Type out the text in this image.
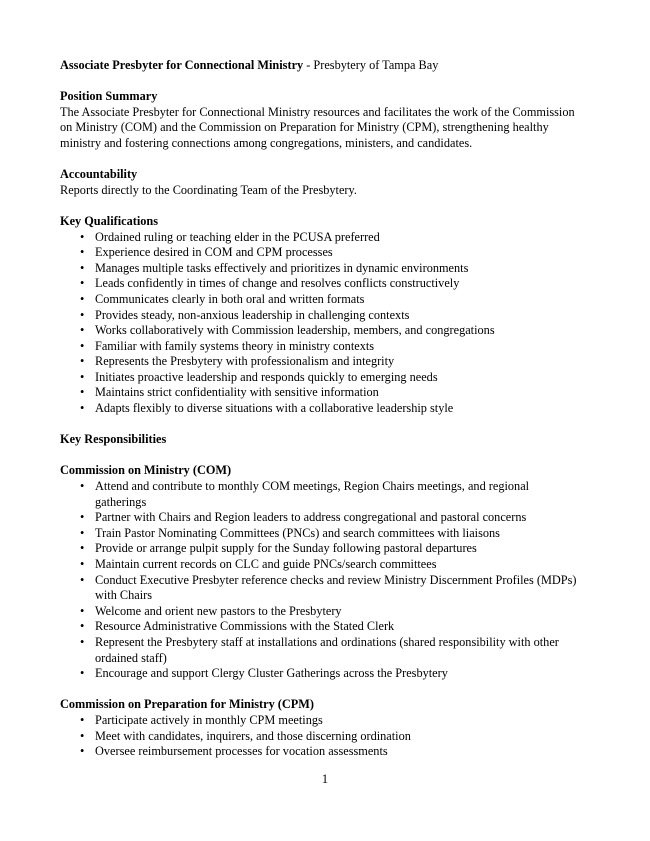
Associate Presbyter for Connectional Ministry - Presbytery of Tampa Bay

Position Summary

The Associate Presbyter for Connectional Ministry resources and facilitates the work of the Commission on Ministry (COM) and the Commission on Preparation for Ministry (CPM), strengthening healthy ministry and fostering connections among congregations, ministers, and candidates.

Accountability

Reports directly to the Coordinating Team of the Presbytery.

Key Qualifications
• Ordained ruling or teaching elder in the PCUSA preferred
• Experience desired in COM and CPM processes
• Manages multiple tasks effectively and prioritizes in dynamic environments
• Leads confidently in times of change and resolves conflicts constructively
• Communicates clearly in both oral and written formats
• Provides steady, non-anxious leadership in challenging contexts
• Works collaboratively with Commission leadership, members, and congregations
• Familiar with family systems theory in ministry contexts
• Represents the Presbytery with professionalism and integrity
• Initiates proactive leadership and responds quickly to emerging needs
• Maintains strict confidentiality with sensitive information
• Adapts flexibly to diverse situations with a collaborative leadership style

Key Responsibilities

Commission on Ministry (COM)
• Attend and contribute to monthly COM meetings, Region Chairs meetings, and regional gatherings
• Partner with Chairs and Region leaders to address congregational and pastoral concerns
• Train Pastor Nominating Committees (PNCs) and search committees with liaisons
• Provide or arrange pulpit supply for the Sunday following pastoral departures
• Maintain current records on CLC and guide PNCs/search committees
• Conduct Executive Presbyter reference checks and review Ministry Discernment Profiles (MDPs) with Chairs
• Welcome and orient new pastors to the Presbytery
• Resource Administrative Commissions with the Stated Clerk
• Represent the Presbytery staff at installations and ordinations (shared responsibility with other ordained staff)
• Encourage and support Clergy Cluster Gatherings across the Presbytery

Commission on Preparation for Ministry (CPM)
• Participate actively in monthly CPM meetings
• Meet with candidates, inquirers, and those discerning ordination
• Oversee reimbursement processes for vocation assessments
1
